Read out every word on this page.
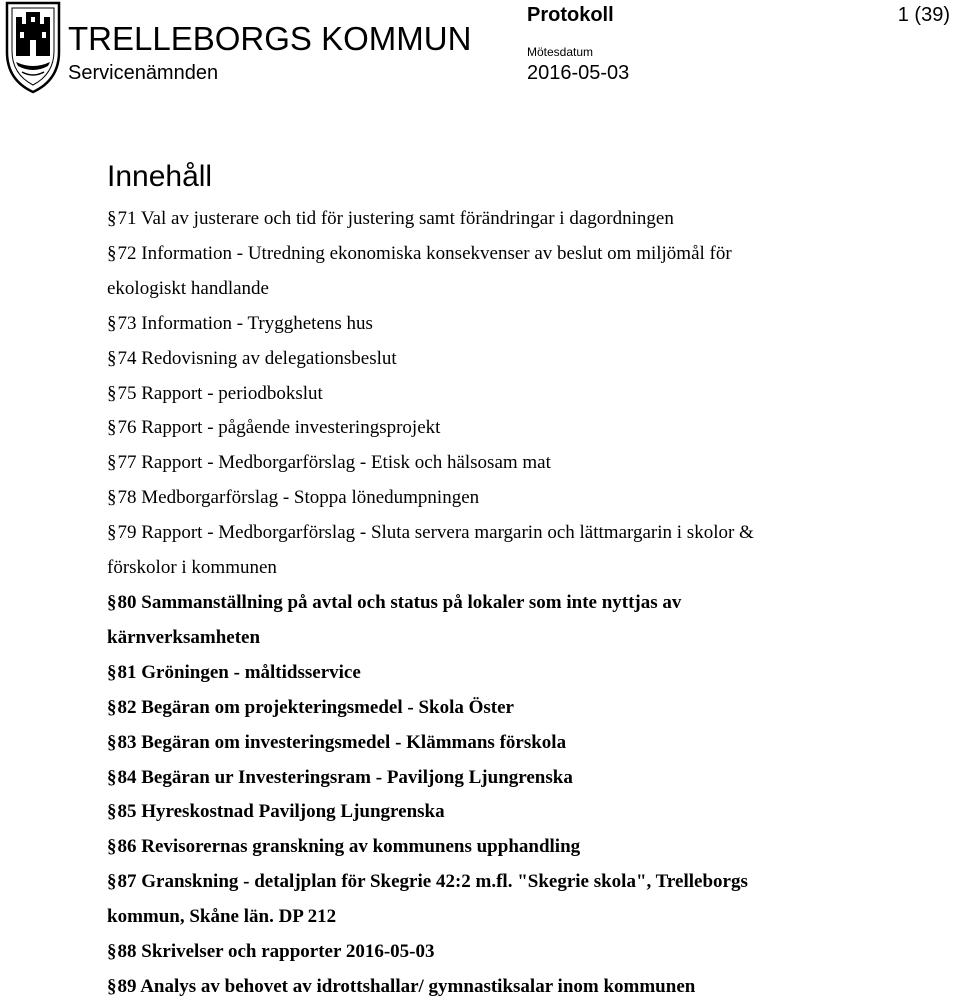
TRELLEBORGS KOMMUN
Servicenämnden
Protokoll
Mötesdatum
2016-05-03
1 (39)
Innehåll

§71 Val av justerare och tid för justering samt förändringar i dagordningen

§72 Information - Utredning ekonomiska konsekvenser av beslut om miljömål för ekologiskt handlande

§73 Information - Trygghetens hus

§74 Redovisning av delegationsbeslut

§75 Rapport - periodbokslut

§76 Rapport - pågående investeringsprojekt

§77 Rapport - Medborgarförslag - Etisk och hälsosam mat

§78 Medborgarförslag - Stoppa lönedumpningen

§79 Rapport - Medborgarförslag - Sluta servera margarin och lättmargarin i skolor & förskolor i kommunen

§80 Sammanställning på avtal och status på lokaler som inte nyttjas av kärnverksamheten

§81 Gröningen - måltidsservice

§82 Begäran om projekteringsmedel - Skola Öster

§83 Begäran om investeringsmedel - Klämmans förskola

§84 Begäran ur Investeringsram - Paviljong Ljungrenska

§85 Hyreskostnad Paviljong Ljungrenska

§86 Revisorernas granskning av kommunens upphandling

§87 Granskning - detaljplan för Skegrie 42:2 m.fl. "Skegrie skola", Trelleborgs kommun, Skåne län. DP 212

§88 Skrivelser och rapporter 2016-05-03

§89 Analys av behovet av idrottshallar/ gymnastiksalar inom kommunen
